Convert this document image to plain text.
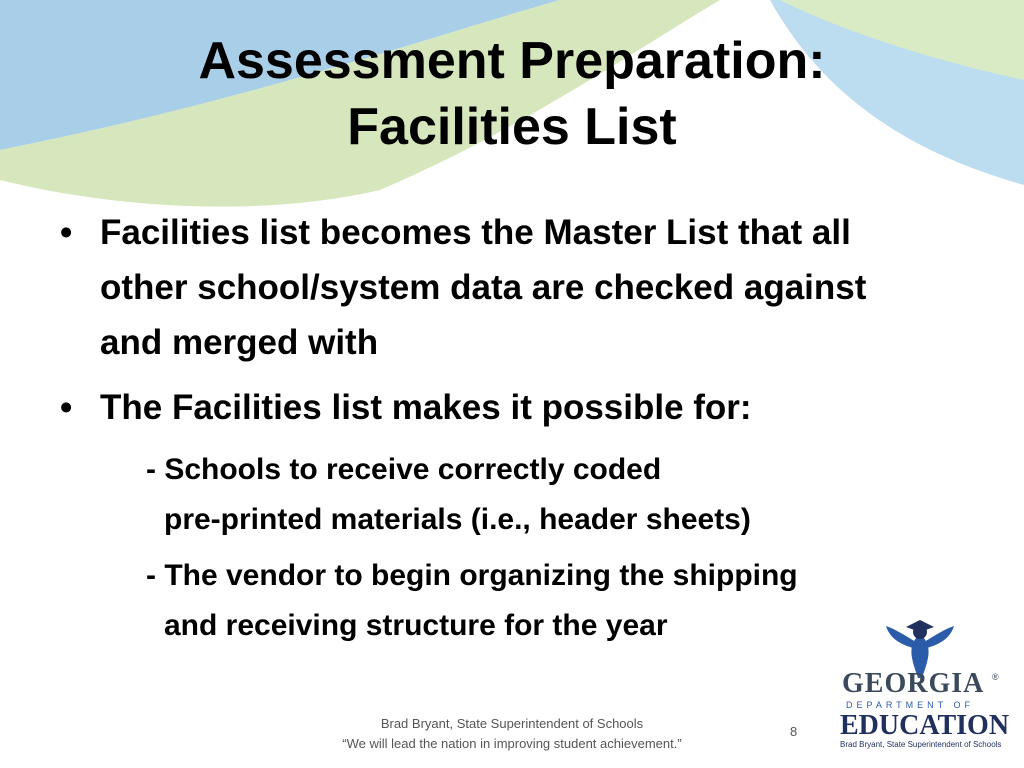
Assessment Preparation:
Facilities List
• Facilities list becomes the Master List that all
other school/system data are checked against
and merged with
• The Facilities list makes it possible for:
- Schools to receive correctly coded
pre-printed materials (i.e., header sheets)
- The vendor to begin organizing the shipping
and receiving structure for the year
Brad Bryant, State Superintendent of Schools
“We will lead the nation in improving student achievement.”
8
GEORGIA ®
DEPARTMENT OF
EDUCATION
Brad Bryant, State Superintendent of Schools
